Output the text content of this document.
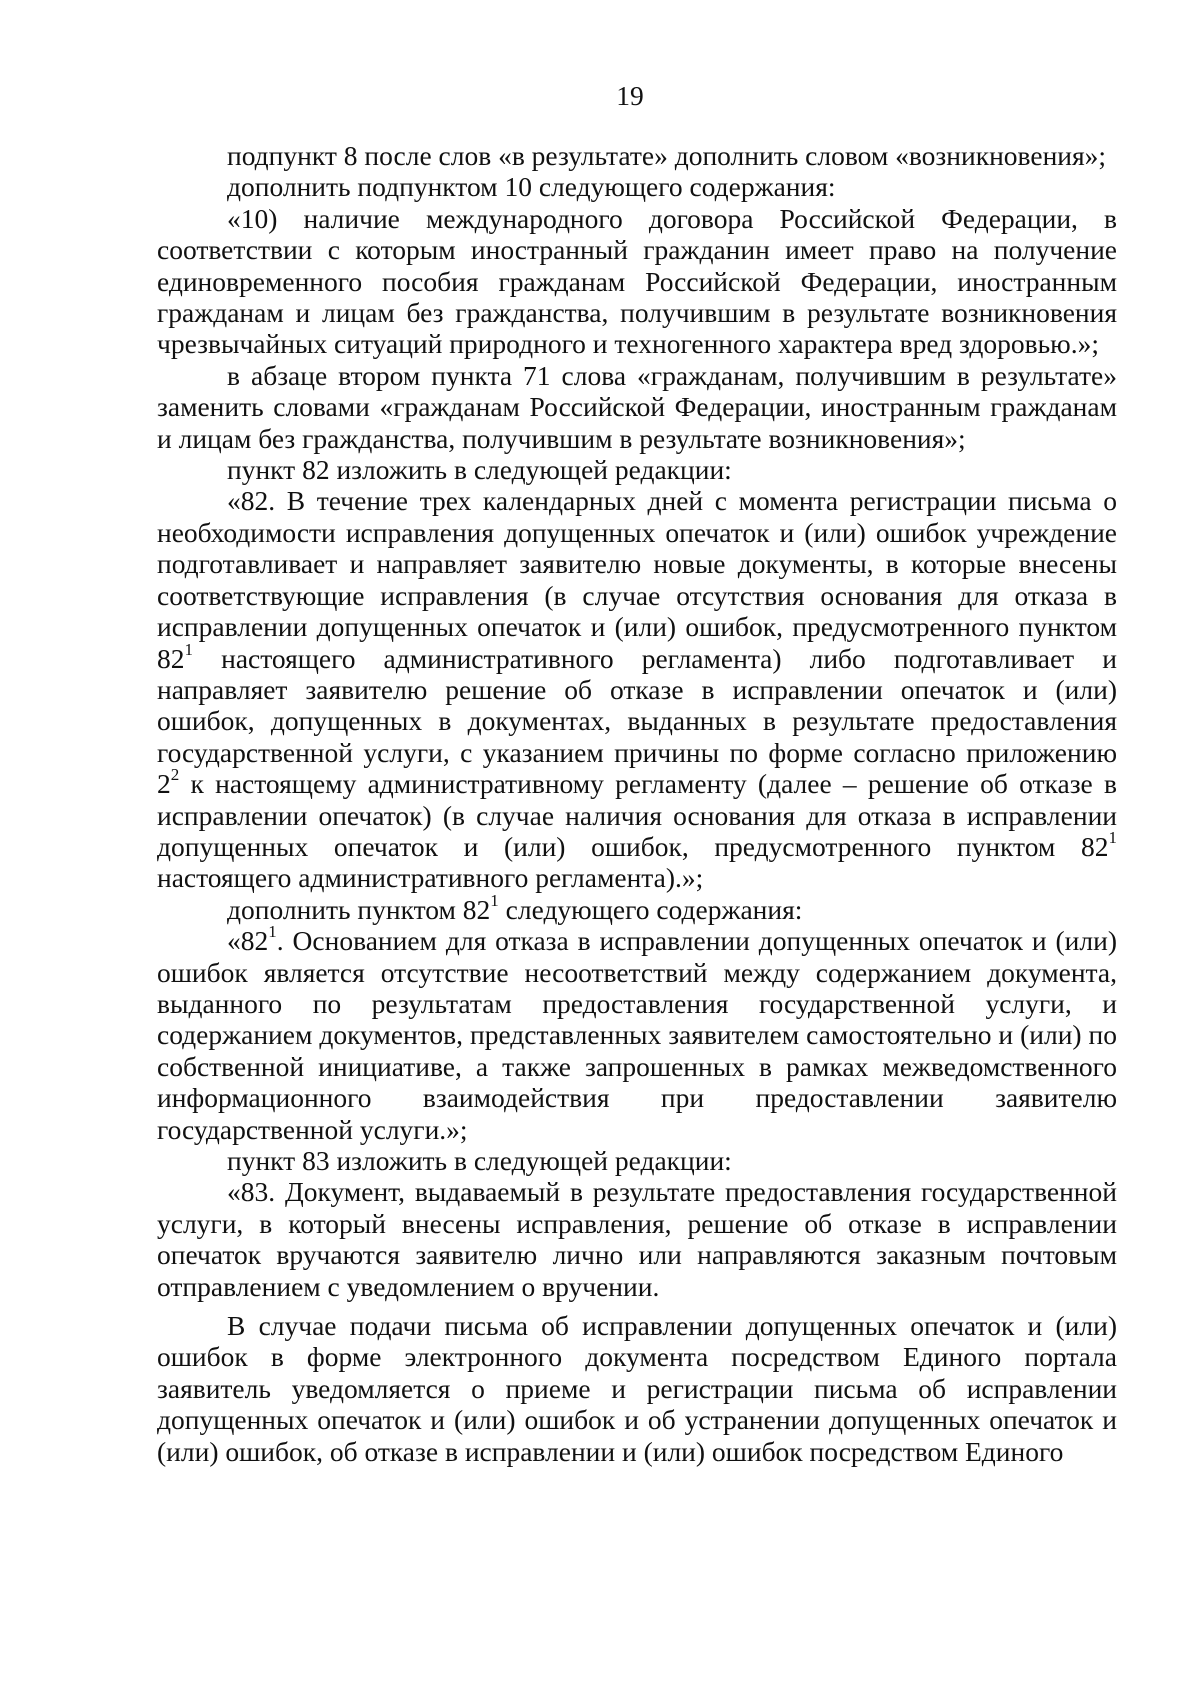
19

подпункт 8 после слов «в результате» дополнить словом «возникновения»;

дополнить подпунктом 10 следующего содержания:

«10) наличие международного договора Российской Федерации, в соответствии с которым иностранный гражданин имеет право на получение единовременного пособия гражданам Российской Федерации, иностранным гражданам и лицам без гражданства, получившим в результате возникновения чрезвычайных ситуаций природного и техногенного характера вред здоровью.»;

в абзаце втором пункта 71 слова «гражданам, получившим в результате» заменить словами «гражданам Российской Федерации, иностранным гражданам и лицам без гражданства, получившим в результате возникновения»;

пункт 82 изложить в следующей редакции:

«82. В течение трех календарных дней с момента регистрации письма о необходимости исправления допущенных опечаток и (или) ошибок учреждение подготавливает и направляет заявителю новые документы, в которые внесены соответствующие исправления (в случае отсутствия основания для отказа в исправлении допущенных опечаток и (или) ошибок, предусмотренного пунктом $82^1$ настоящего административного регламента) либо подготавливает и направляет заявителю решение об отказе в исправлении опечаток и (или) ошибок, допущенных в документах, выданных в результате предоставления государственной услуги, с указанием причины по форме согласно приложению $2^2$ к настоящему административному регламенту (далее – решение об отказе в исправлении опечаток) (в случае наличия основания для отказа в исправлении допущенных опечаток и (или) ошибок, предусмотренного пунктом $82^1$ настоящего административного регламента).»;

дополнить пунктом $82^1$ следующего содержания:

«$82^1$. Основанием для отказа в исправлении допущенных опечаток и (или) ошибок является отсутствие несоответствий между содержанием документа, выданного по результатам предоставления государственной услуги, и содержанием документов, представленных заявителем самостоятельно и (или) по собственной инициативе, а также запрошенных в рамках межведомственного информационного взаимодействия при предоставлении заявителю государственной услуги.»;

пункт 83 изложить в следующей редакции:

«83. Документ, выдаваемый в результате предоставления государственной услуги, в который внесены исправления, решение об отказе в исправлении опечаток вручаются заявителю лично или направляются заказным почтовым отправлением с уведомлением о вручении.

В случае подачи письма об исправлении допущенных опечаток и (или) ошибок в форме электронного документа посредством Единого портала заявитель уведомляется о приеме и регистрации письма об исправлении допущенных опечаток и (или) ошибок и об устранении допущенных опечаток и (или) ошибок, об отказе в исправлении и (или) ошибок посредством Единого
